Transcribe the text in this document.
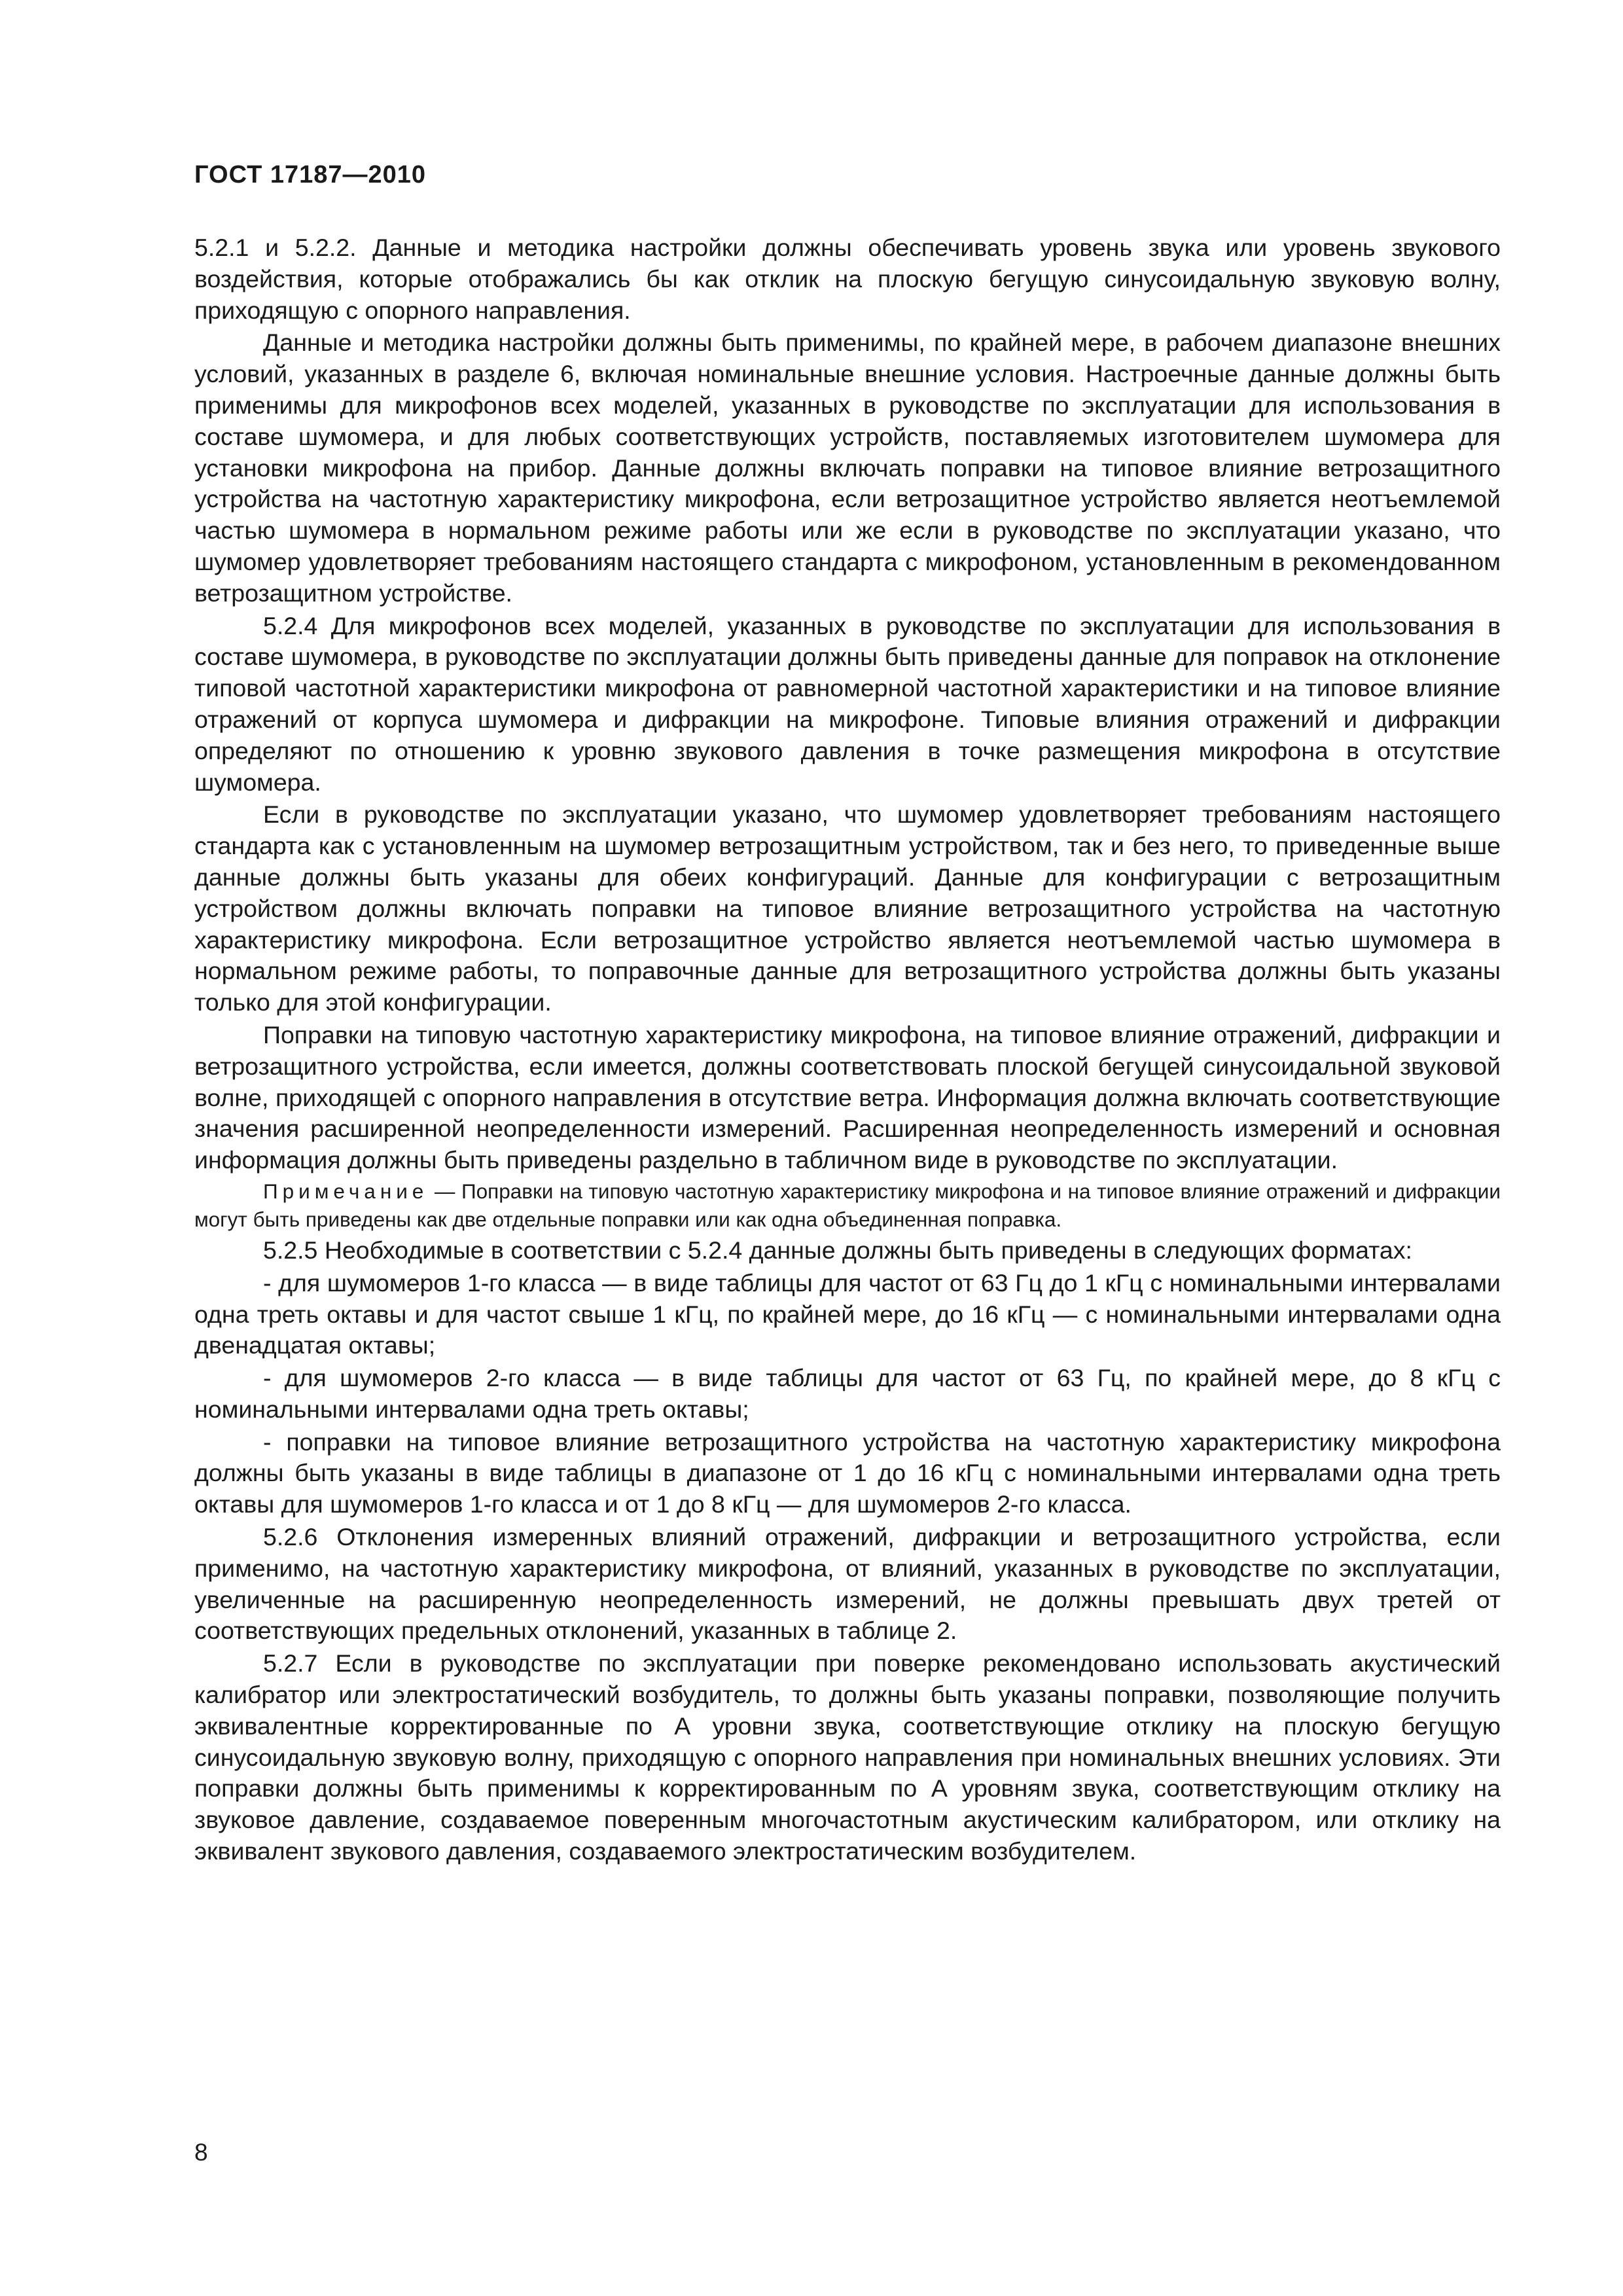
ГОСТ 17187—2010

5.2.1 и 5.2.2. Данные и методика настройки должны обеспечивать уровень звука или уровень звукового воздействия, которые отображались бы как отклик на плоскую бегущую синусоидальную звуковую волну, приходящую с опорного направления.

Данные и методика настройки должны быть применимы, по крайней мере, в рабочем диапазоне внешних условий, указанных в разделе 6, включая номинальные внешние условия. Настроечные данные должны быть применимы для микрофонов всех моделей, указанных в руководстве по эксплуатации для использования в составе шумомера, и для любых соответствующих устройств, поставляемых изготовителем шумомера для установки микрофона на прибор. Данные должны включать поправки на типовое влияние ветрозащитного устройства на частотную характеристику микрофона, если ветрозащитное устройство является неотъемлемой частью шумомера в нормальном режиме работы или же если в руководстве по эксплуатации указано, что шумомер удовлетворяет требованиям настоящего стандарта с микрофоном, установленным в рекомендованном ветрозащитном устройстве.

5.2.4 Для микрофонов всех моделей, указанных в руководстве по эксплуатации для использования в составе шумомера, в руководстве по эксплуатации должны быть приведены данные для поправок на отклонение типовой частотной характеристики микрофона от равномерной частотной характеристики и на типовое влияние отражений от корпуса шумомера и дифракции на микрофоне. Типовые влияния отражений и дифракции определяют по отношению к уровню звукового давления в точке размещения микрофона в отсутствие шумомера.

Если в руководстве по эксплуатации указано, что шумомер удовлетворяет требованиям настоящего стандарта как с установленным на шумомер ветрозащитным устройством, так и без него, то приведенные выше данные должны быть указаны для обеих конфигураций. Данные для конфигурации с ветрозащитным устройством должны включать поправки на типовое влияние ветрозащитного устройства на частотную характеристику микрофона. Если ветрозащитное устройство является неотъемлемой частью шумомера в нормальном режиме работы, то поправочные данные для ветрозащитного устройства должны быть указаны только для этой конфигурации.

Поправки на типовую частотную характеристику микрофона, на типовое влияние отражений, дифракции и ветрозащитного устройства, если имеется, должны соответствовать плоской бегущей синусоидальной звуковой волне, приходящей с опорного направления в отсутствие ветра. Информация должна включать соответствующие значения расширенной неопределенности измерений. Расширенная неопределенность измерений и основная информация должны быть приведены раздельно в табличном виде в руководстве по эксплуатации.

Примечание — Поправки на типовую частотную характеристику микрофона и на типовое влияние отражений и дифракции могут быть приведены как две отдельные поправки или как одна объединенная поправка.

5.2.5 Необходимые в соответствии с 5.2.4 данные должны быть приведены в следующих форматах:

- для шумомеров 1-го класса — в виде таблицы для частот от 63 Гц до 1 кГц с номинальными интервалами одна треть октавы и для частот свыше 1 кГц, по крайней мере, до 16 кГц — с номинальными интервалами одна двенадцатая октавы;

- для шумомеров 2-го класса — в виде таблицы для частот от 63 Гц, по крайней мере, до 8 кГц с номинальными интервалами одна треть октавы;

- поправки на типовое влияние ветрозащитного устройства на частотную характеристику микрофона должны быть указаны в виде таблицы в диапазоне от 1 до 16 кГц с номинальными интервалами одна треть октавы для шумомеров 1-го класса и от 1 до 8 кГц — для шумомеров 2-го класса.

5.2.6 Отклонения измеренных влияний отражений, дифракции и ветрозащитного устройства, если применимо, на частотную характеристику микрофона, от влияний, указанных в руководстве по эксплуатации, увеличенные на расширенную неопределенность измерений, не должны превышать двух третей от соответствующих предельных отклонений, указанных в таблице 2.

5.2.7 Если в руководстве по эксплуатации при поверке рекомендовано использовать акустический калибратор или электростатический возбудитель, то должны быть указаны поправки, позволяющие получить эквивалентные корректированные по А уровни звука, соответствующие отклику на плоскую бегущую синусоидальную звуковую волну, приходящую с опорного направления при номинальных внешних условиях. Эти поправки должны быть применимы к корректированным по А уровням звука, соответствующим отклику на звуковое давление, создаваемое поверенным многочастотным акустическим калибратором, или отклику на эквивалент звукового давления, создаваемого электростатическим возбудителем.

8
